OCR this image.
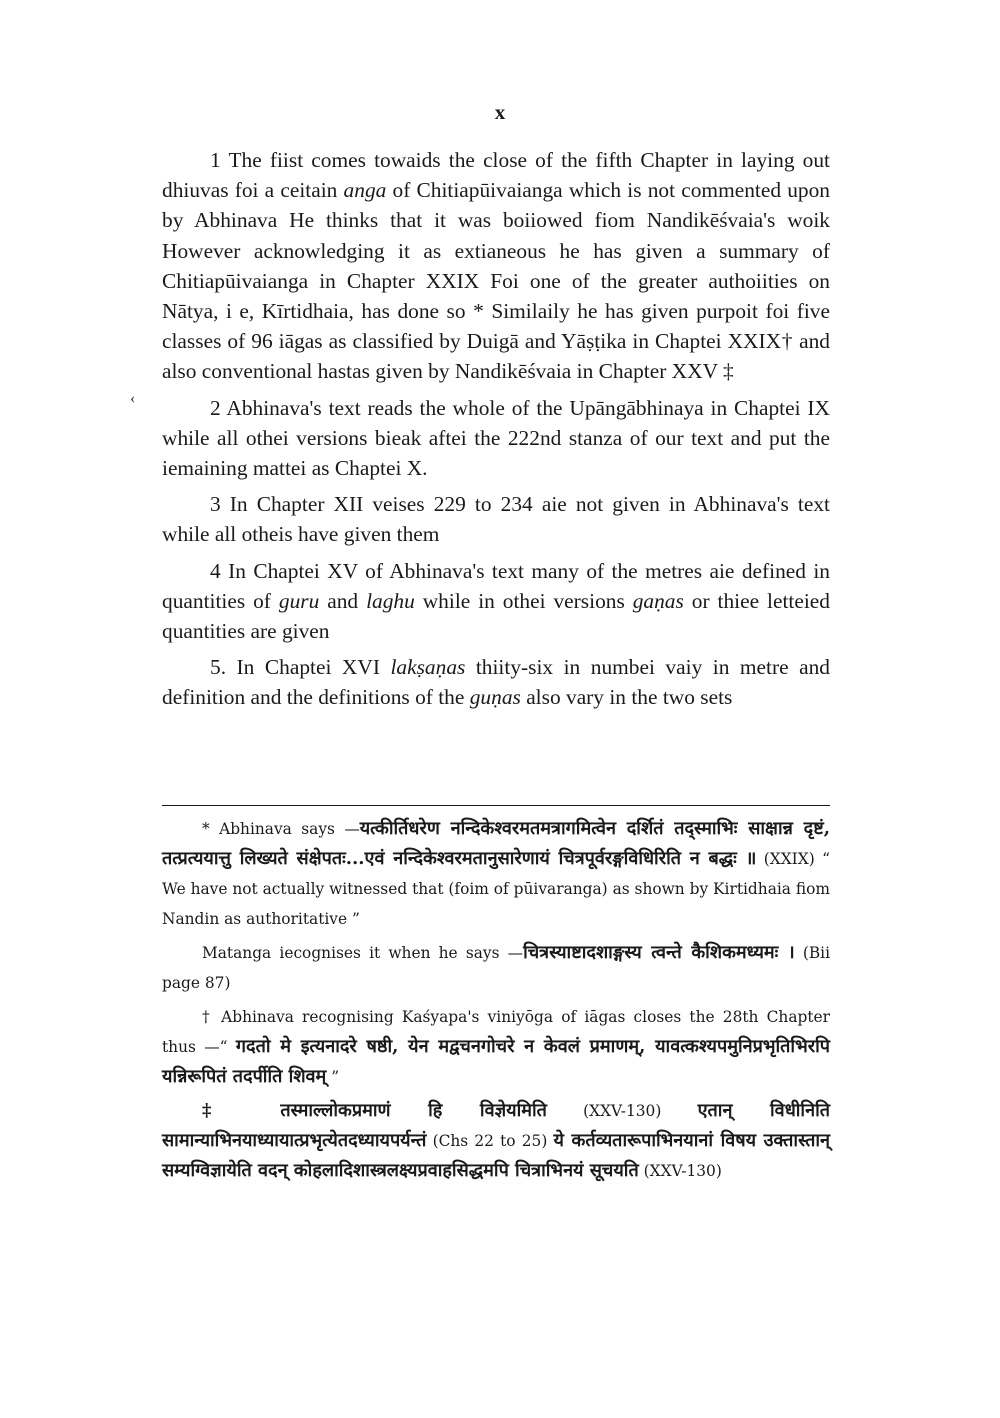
x
‹

1 The fiist comes towaids the close of the fifth Chapter in laying out dhiuvas foi a ceitain anga of Chitiapūivaianga which is not commented upon by Abhinava He thinks that it was boiiowed fiom Nandikēśvaia's woik However acknowledging it as extianeous he has given a summary of Chitiapūivaianga in Chapter XXIX Foi one of the greater authoiities on Nātya, i e, Kīrtidhaia, has done so * Similaily he has given purpoit foi five classes of 96 iāgas as classified by Duigā and Yāṣṭika in Chaptei XXIX† and also conventional hastas given by Nandikēśvaia in Chapter XXV ‡

2 Abhinava's text reads the whole of the Upāngābhinaya in Chaptei IX while all othei versions bieak aftei the 222nd stanza of our text and put the iemaining mattei as Chaptei X.

3 In Chapter XII veises 229 to 234 aie not given in Abhinava's text while all otheis have given them

4 In Chaptei XV of Abhinava's text many of the metres aie defined in quantities of guru and laghu while in othei versions gaṇas or thiee letteied quantities are given

5. In Chaptei XVI lakṣaṇas thiity-six in numbei vaiy in metre and definition and the definitions of the guṇas also vary in the two sets

* Abhinava says —यत्कीर्तिधरेण नन्दिकेश्वरमतमत्रागमित्वेन दर्शितं तद्स्माभिः साक्षान्न दृष्टं, तत्प्रत्ययात्तु लिख्यते संक्षेपतः...एवं नन्दिकेश्वरमतानुसारेणायं चित्रपूर्वरङ्गविधिरिति न बद्धः ॥ (XXIX) “ We have not actually witnessed that (foim of pūivaranga) as shown by Kirtidhaia fiom Nandin as authoritative ”

Matanga iecognises it when he says —चित्रस्याष्टादशाङ्गस्य त्वन्ते कैशिकमध्यमः । (Bii page 87)

† Abhinava recognising Kaśyapa's viniyōga of iāgas closes the 28th Chapter thus —“ गदतो मे इत्यनादरे षष्ठी, येन मद्वचनगोचरे न केवलं प्रमाणम्, यावत्कश्यपमुनिप्रभृतिभिरपि यन्निरूपितं तदर्पीति शिवम् ”

‡ तस्माल्लोकप्रमाणं हि विज्ञेयमिति (XXV-130) एतान् विधीनिति सामान्याभिनयाध्यायात्प्रभृत्येतदध्यायपर्यन्तं (Chs 22 to 25) ये कर्तव्यतारूपाभिनयानां विषय उक्तास्तान् सम्यग्विज्ञायेति वदन् कोहलादिशास्त्रलक्ष्यप्रवाहसिद्धमपि चित्राभिनयं सूचयति (XXV-130)
